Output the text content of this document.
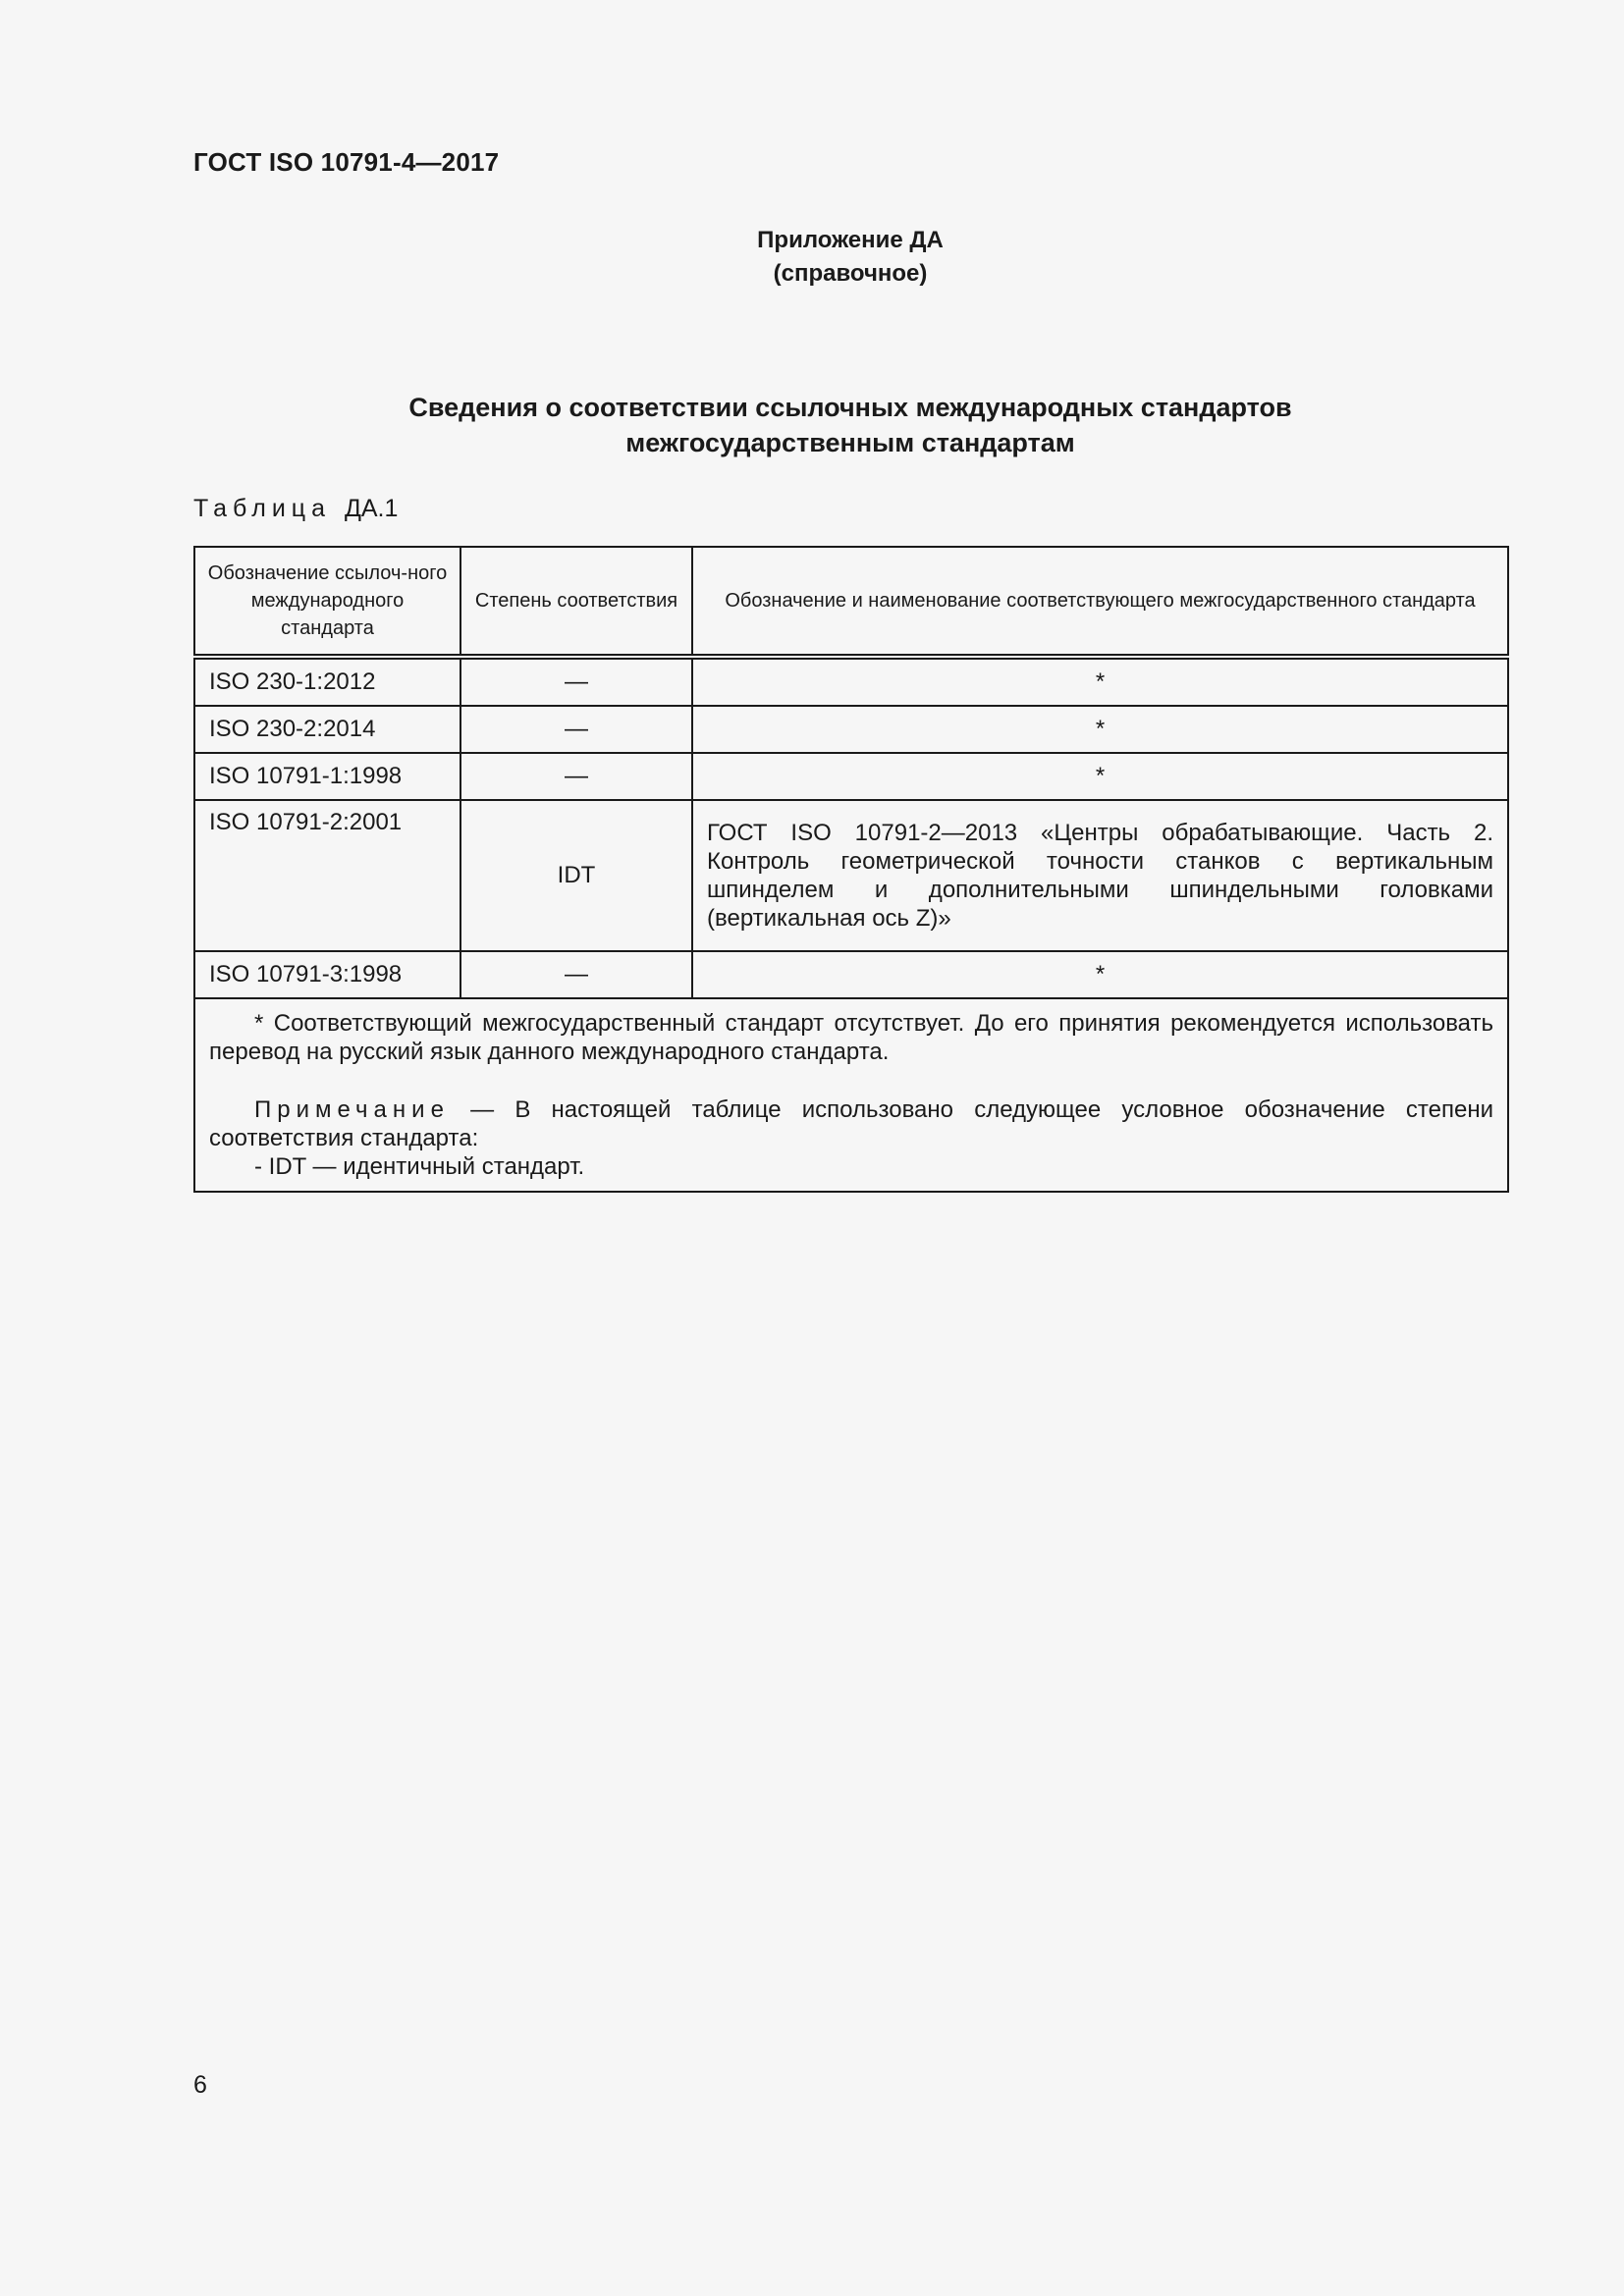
ГОСТ ISO 10791-4—2017
Приложение ДА
(справочное)
Сведения о соответствии ссылочных международных стандартов
межгосударственным стандартам
Таблица ДА.1
Обозначение ссылоч-ного международного стандарта	Степень соответствия	Обозначение и наименование соответствующего межгосударственного стандарта
ISO 230-1:2012	—	*
ISO 230-2:2014	—	*
ISO 10791-1:1998	—	*
ISO 10791-2:2001	IDT	ГОСТ ISO 10791-2—2013 «Центры обрабатывающие. Часть 2. Контроль геометрической точности станков с вертикальным шпинделем и дополнительными шпиндельными головками (вертикальная ось Z)»
ISO 10791-3:1998	—	*

* Соответствующий межгосударственный стандарт отсутствует. До его принятия рекомендуется использовать перевод на русский язык данного международного стандарта.
Примечание — В настоящей таблице использовано следующее условное обозначение степени соответствия стандарта:
- IDT — идентичный стандарт.		
6
